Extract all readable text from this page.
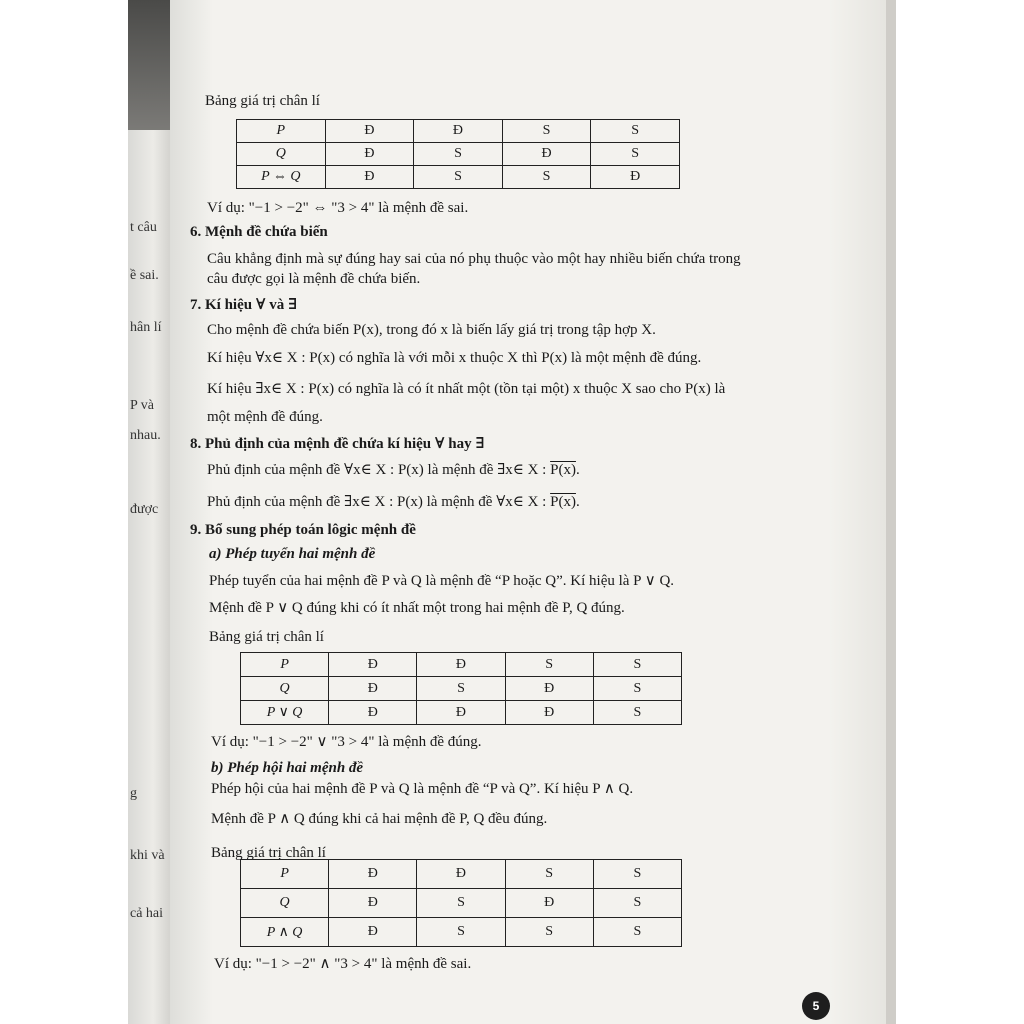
t câu
ề sai.
hân lí
P và
nhau.
được
g
khi và
cả hai
Bảng giá trị chân lí
P	Đ	Đ	S	S
Q	Đ	S	Đ	S
P ⇔ Q	Đ	S	S	Đ
Ví dụ: "−1 > −2" ⇔ "3 > 4" là mệnh đề sai.
6. Mệnh đề chứa biến
Câu khẳng định mà sự đúng hay sai của nó phụ thuộc vào một hay nhiều biến chứa trong
câu được gọi là mệnh đề chứa biến.
7. Kí hiệu ∀ và ∃
Cho mệnh đề chứa biến P(x), trong đó x là biến lấy giá trị trong tập hợp X.
Kí hiệu ∀x∈ X : P(x) có nghĩa là với mỗi x thuộc X thì P(x) là một mệnh đề đúng.
Kí hiệu ∃x∈ X : P(x) có nghĩa là có ít nhất một (tồn tại một) x thuộc X sao cho P(x) là
một mệnh đề đúng.
8. Phủ định của mệnh đề chứa kí hiệu ∀ hay ∃
Phủ định của mệnh đề ∀x∈ X : P(x) là mệnh đề ∃x∈ X : P(x).
Phủ định của mệnh đề ∃x∈ X : P(x) là mệnh đề ∀x∈ X : P(x).
9. Bổ sung phép toán lôgic mệnh đề
a) Phép tuyển hai mệnh đề
Phép tuyển của hai mệnh đề P và Q là mệnh đề “P hoặc Q”. Kí hiệu là P ∨ Q.
Mệnh đề P ∨ Q đúng khi có ít nhất một trong hai mệnh đề P, Q đúng.
Bảng giá trị chân lí
P	Đ	Đ	S	S
Q	Đ	S	Đ	S
P ∨ Q	Đ	Đ	Đ	S
Ví dụ: "−1 > −2" ∨ "3 > 4" là mệnh đề đúng.
b) Phép hội hai mệnh đề
Phép hội của hai mệnh đề P và Q là mệnh đề “P và Q”. Kí hiệu P ∧ Q.
Mệnh đề P ∧ Q đúng khi cả hai mệnh đề P, Q đều đúng.
Bảng giá trị chân lí
P	Đ	Đ	S	S
Q	Đ	S	Đ	S
P ∧ Q	Đ	S	S	S
Ví dụ: "−1 > −2" ∧ "3 > 4" là mệnh đề sai.
5
